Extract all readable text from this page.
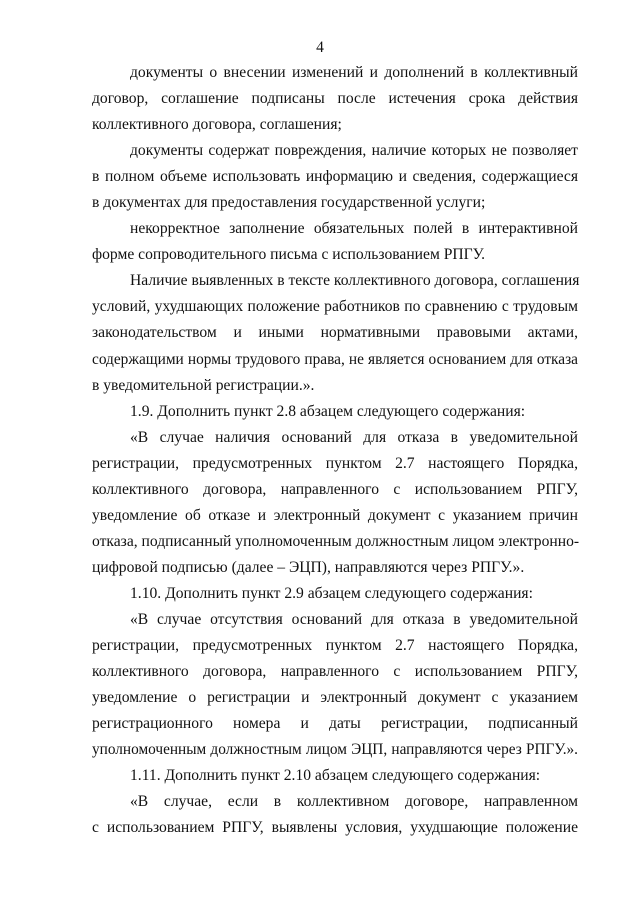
4
документы о внесении изменений и дополнений в коллективный
договор, соглашение подписаны после истечения срока действия
коллективного договора, соглашения;
документы содержат повреждения, наличие которых не позволяет
в полном объеме использовать информацию и сведения, содержащиеся
в документах для предоставления государственной услуги;
некорректное заполнение обязательных полей в интерактивной
форме сопроводительного письма с использованием РПГУ.
Наличие выявленных в тексте коллективного договора, соглашения
условий, ухудшающих положение работников по сравнению с трудовым
законодательством и иными нормативными правовыми актами,
содержащими нормы трудового права, не является основанием для отказа
в уведомительной регистрации.».
1.9. Дополнить пункт 2.8 абзацем следующего содержания:
«В случае наличия оснований для отказа в уведомительной
регистрации, предусмотренных пунктом 2.7 настоящего Порядка,
коллективного договора, направленного с использованием РПГУ,
уведомление об отказе и электронный документ с указанием причин
отказа, подписанный уполномоченным должностным лицом электронно-
цифровой подписью (далее – ЭЦП), направляются через РПГУ.».
1.10. Дополнить пункт 2.9 абзацем следующего содержания:
«В случае отсутствия оснований для отказа в уведомительной
регистрации, предусмотренных пунктом 2.7 настоящего Порядка,
коллективного договора, направленного с использованием РПГУ,
уведомление о регистрации и электронный документ с указанием
регистрационного номера и даты регистрации, подписанный
уполномоченным должностным лицом ЭЦП, направляются через РПГУ.».
1.11. Дополнить пункт 2.10 абзацем следующего содержания:
«В случае, если в коллективном договоре, направленном
с использованием РПГУ, выявлены условия, ухудшающие положение
